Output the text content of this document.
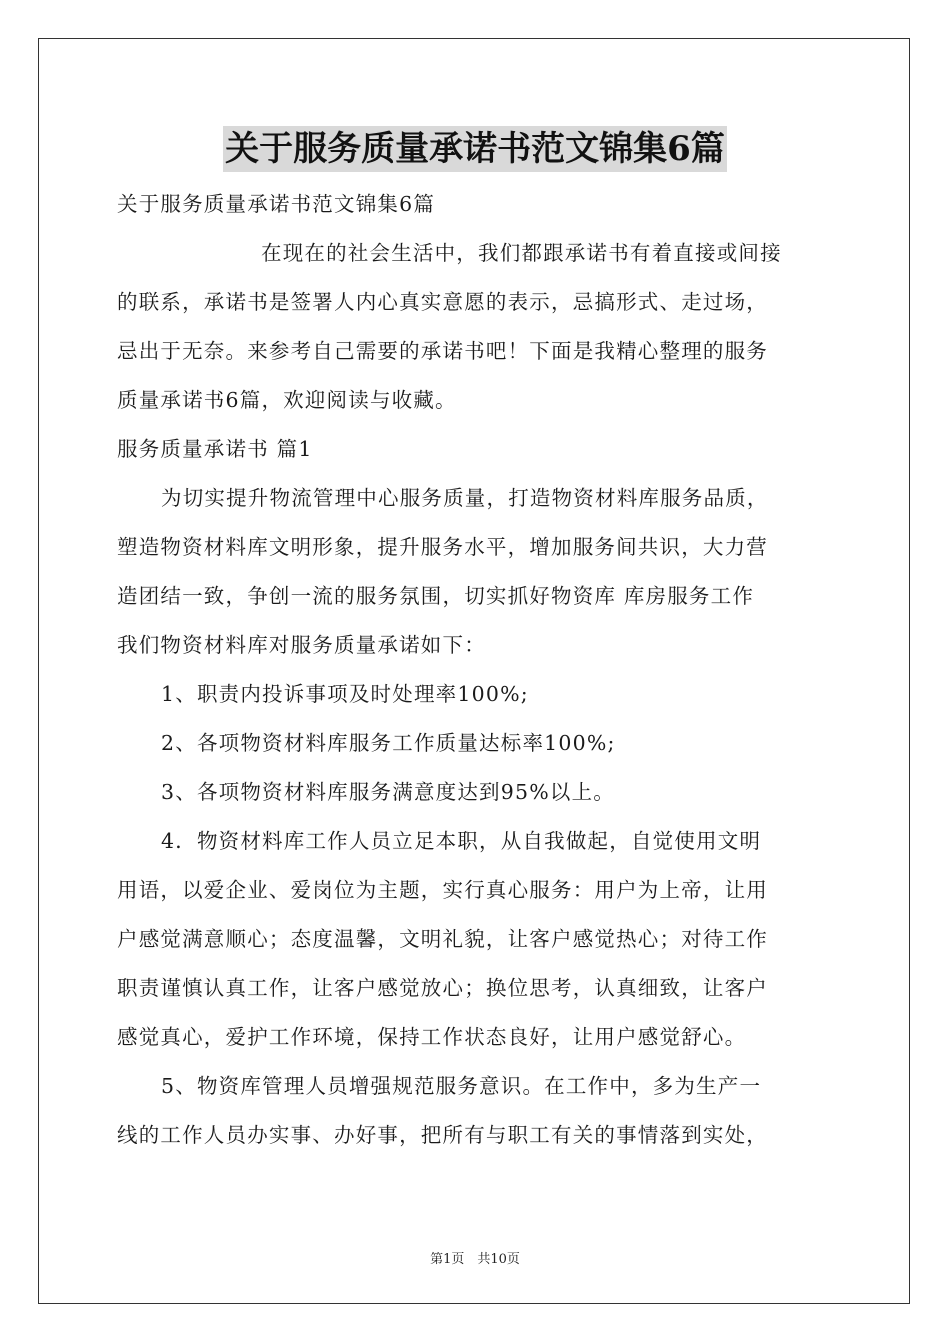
关于服务质量承诺书范文锦集6篇
关于服务质量承诺书范文锦集6篇
在现在的社会生活中，我们都跟承诺书有着直接或间接
的联系，承诺书是签署人内心真实意愿的表示，忌搞形式、走过场，
忌出于无奈。来参考自己需要的承诺书吧！下面是我精心整理的服务
质量承诺书6篇，欢迎阅读与收藏。
服务质量承诺书 篇1
为切实提升物流管理中心服务质量，打造物资材料库服务品质，
塑造物资材料库文明形象，提升服务水平，增加服务间共识，大力营
造团结一致，争创一流的服务氛围，切实抓好物资库 库房服务工作
我们物资材料库对服务质量承诺如下：
1、职责内投诉事项及时处理率100%;
2、各项物资材料库服务工作质量达标率100%;
3、各项物资材料库服务满意度达到95%以上。
4．物资材料库工作人员立足本职，从自我做起，自觉使用文明
用语，以爱企业、爱岗位为主题，实行真心服务：用户为上帝，让用
户感觉满意顺心；态度温馨，文明礼貌，让客户感觉热心；对待工作
职责谨慎认真工作，让客户感觉放心；换位思考，认真细致，让客户
感觉真心，爱护工作环境，保持工作状态良好，让用户感觉舒心。
5、物资库管理人员增强规范服务意识。在工作中，多为生产一
线的工作人员办实事、办好事，把所有与职工有关的事情落到实处，
第1页　共10页
